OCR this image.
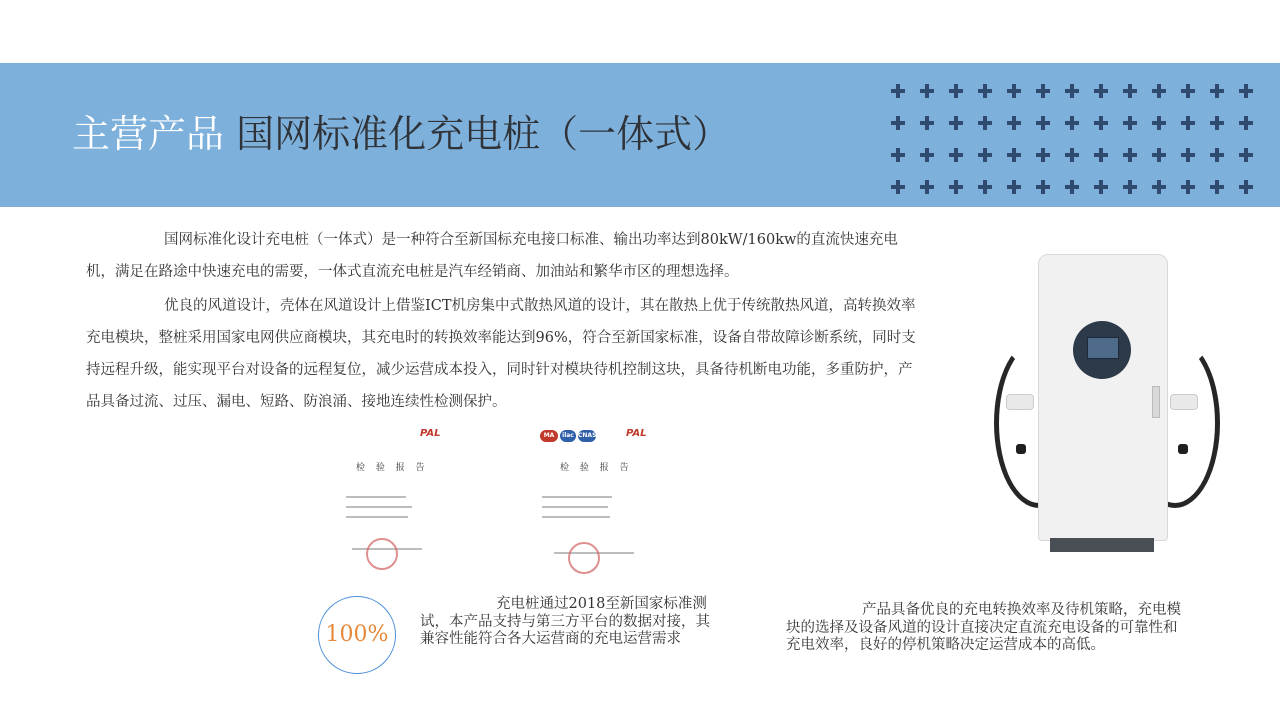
主营产品 国网标准化充电桩（一体式）

国网标准化设计充电桩（一体式）是一种符合至新国标充电接口标准、输出功率达到80kW/160kw的直流快速充电机，满足在路途中快速充电的需要，一体式直流充电桩是汽车经销商、加油站和繁华市区的理想选择。

优良的风道设计，壳体在风道设计上借鉴ICT机房集中式散热风道的设计，其在散热上优于传统散热风道，高转换效率充电模块，整桩采用国家电网供应商模块，其充电时的转换效率能达到96%，符合至新国家标准，设备自带故障诊断系统，同时支持远程升级，能实现平台对设备的远程复位，减少运营成本投入，同时针对模块待机控制这块，具备待机断电功能，多重防护，产品具备过流、过压、漏电、短路、防浪涌、接地连续性检测保护。

PAL
检 验 报 告
MA	ilac CNAS	PAL
检 验 报 告
100%

充电桩通过2018至新国家标准测试，本产品支持与第三方平台的数据对接，其兼容性能符合各大运营商的充电运营需求

产品具备优良的充电转换效率及待机策略，充电模块的选择及设备风道的设计直接决定直流充电设备的可靠性和充电效率，良好的停机策略决定运营成本的高低。
